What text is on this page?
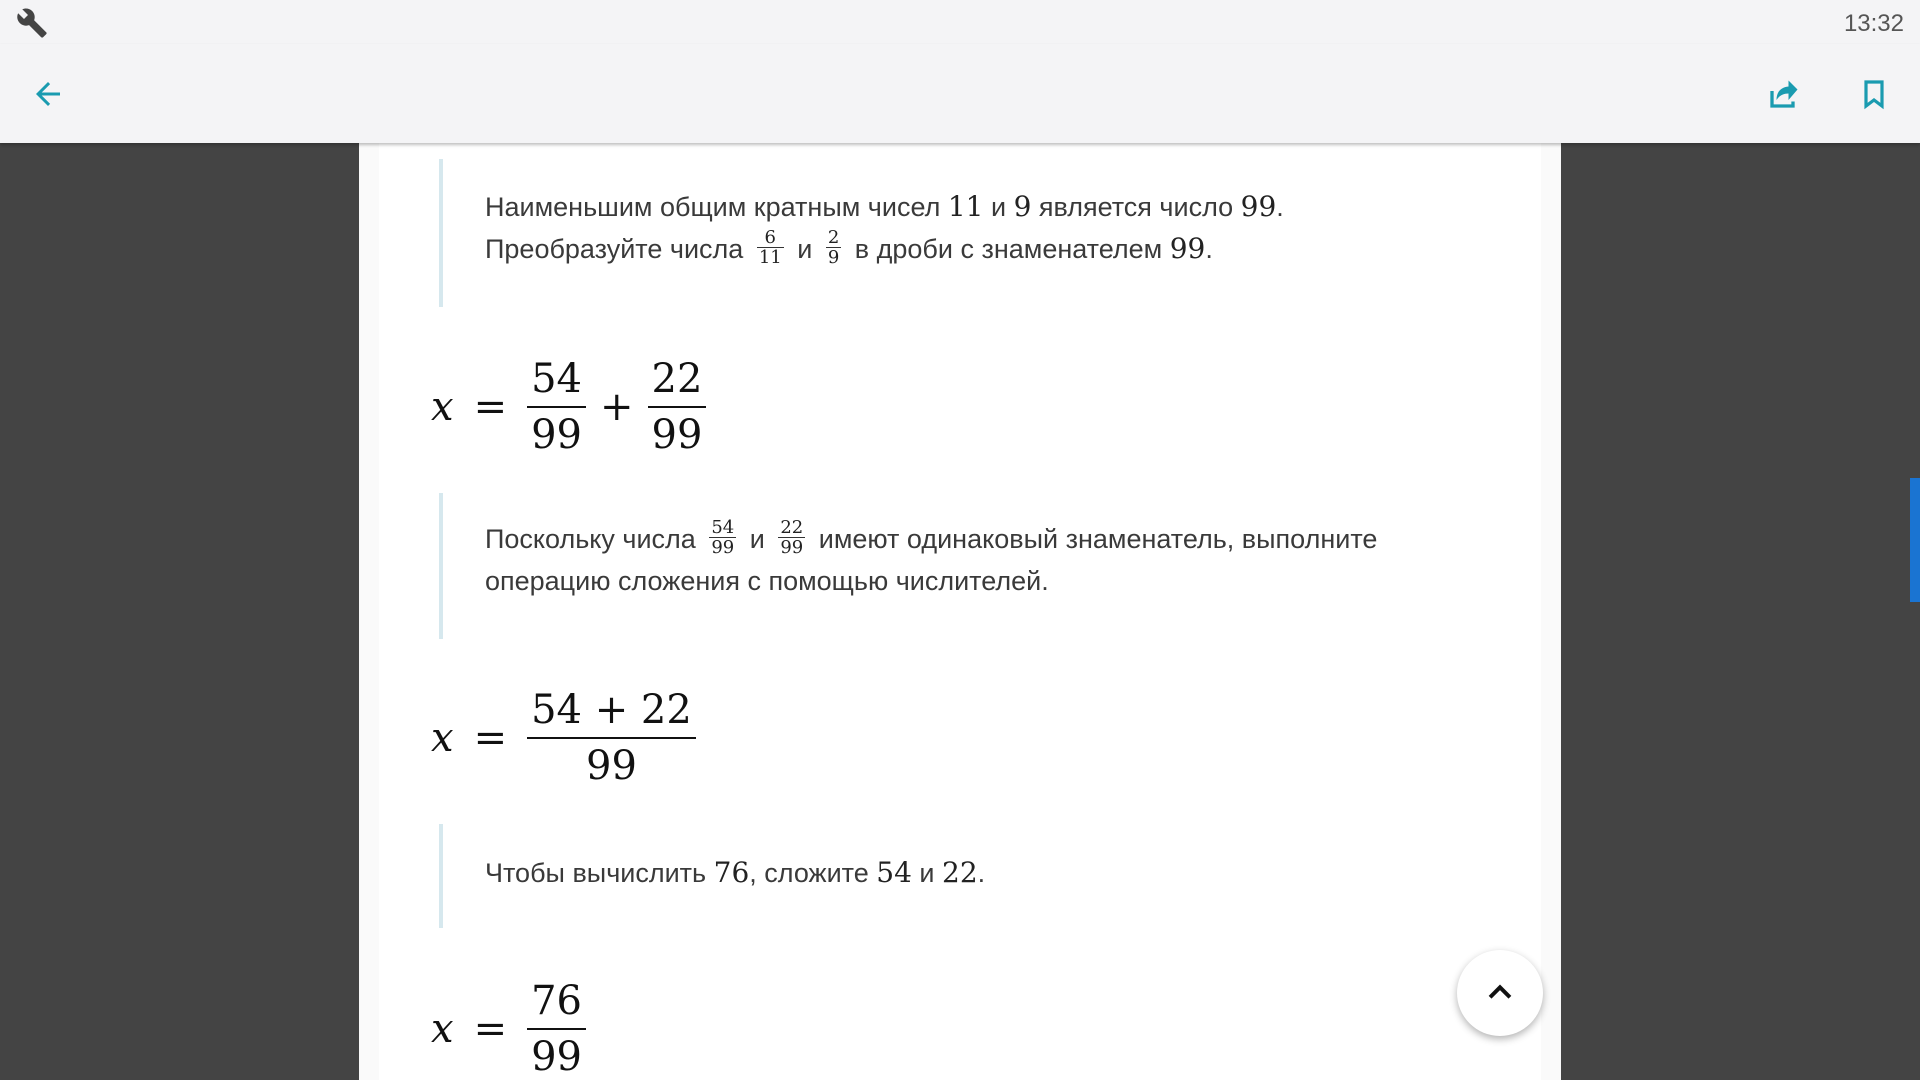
13:32
Наименьшим общим кратным чисел 11 и 9 является число 99.
Преобразуйте числа $\frac{6}{11}$ и $\frac{2}{9}$ в дроби с знаменателем 99.
$x = \frac{54}{99} + \frac{22}{99}$
Поскольку числа $\frac{54}{99}$ и $\frac{22}{99}$ имеют одинаковый знаменатель, выполните
операцию сложения с помощью числителей.
$x = \frac{54 + 22}{99}$
Чтобы вычислить 76, сложите 54 и 22.
$x = \frac{76}{99}$
